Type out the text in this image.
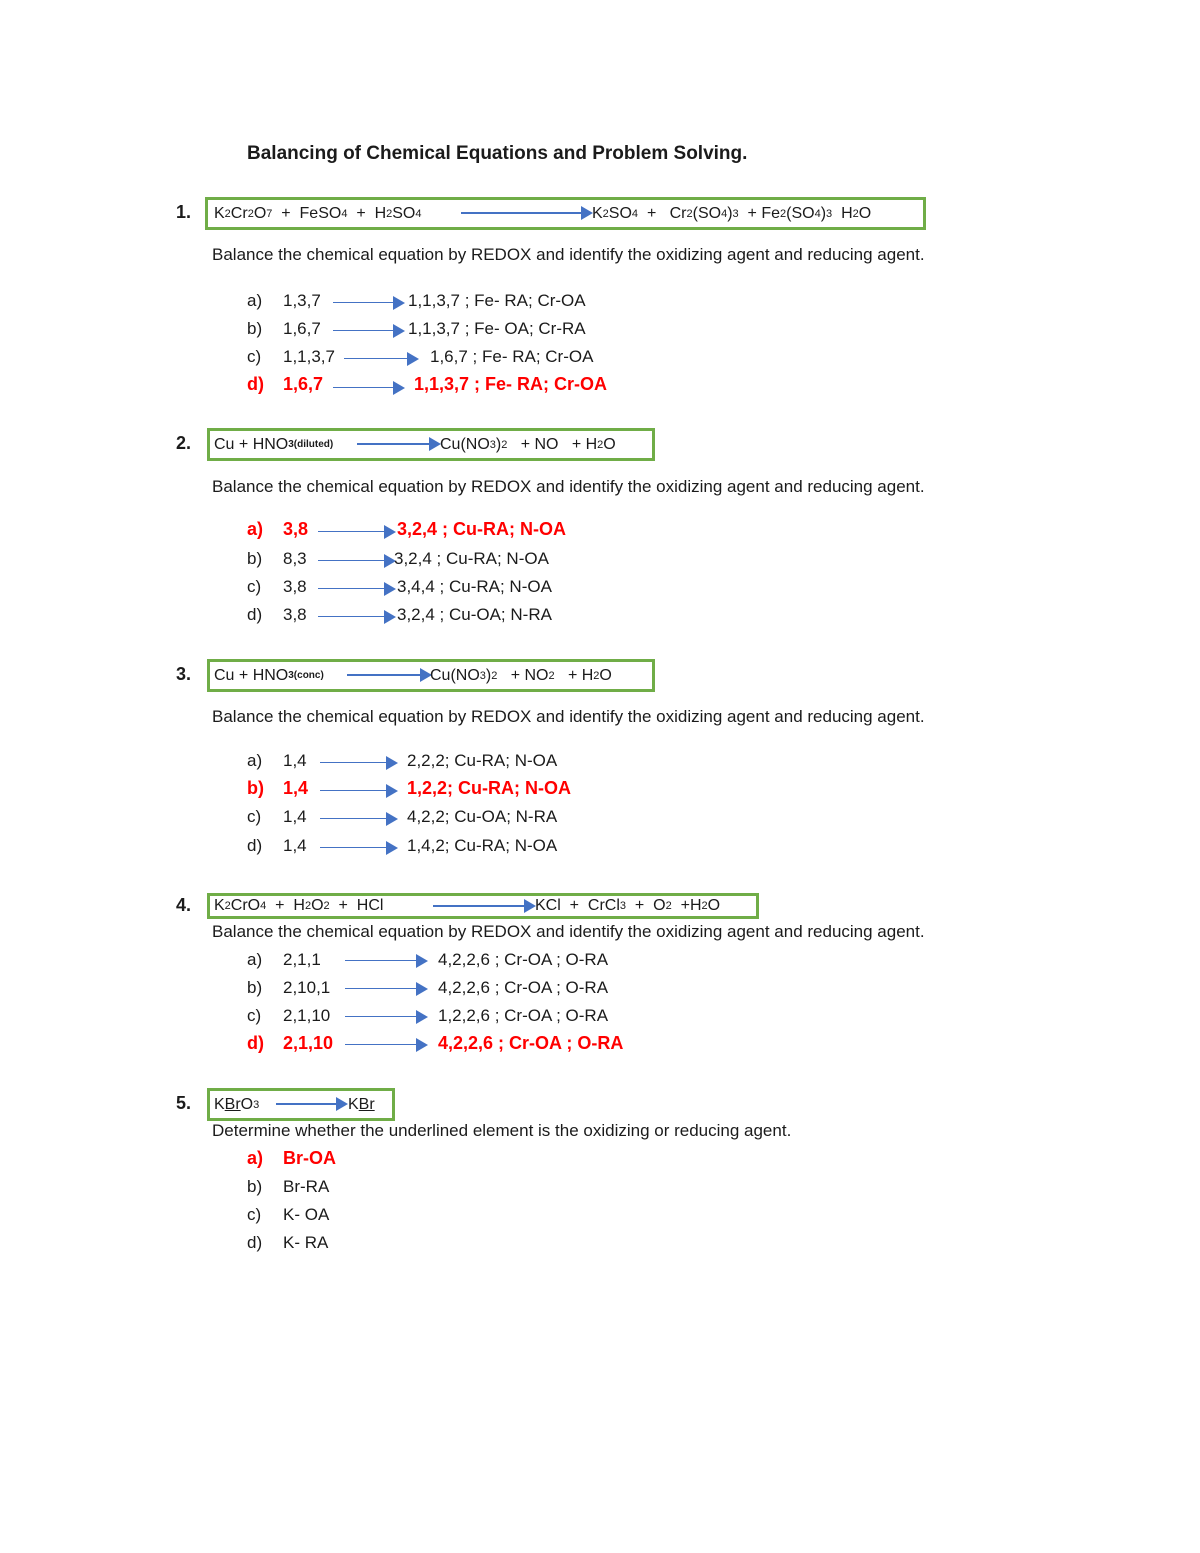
Balancing of Chemical Equations and Problem Solving.
1. K 2 Cr 2 O 7 +  FeSO 4 +  H 2 SO 4	K 2 SO 4 +   Cr 2 (SO 4 ) 3 + Fe 2 (SO 4 ) 3 H 2 O
Balance the chemical equation by REDOX and identify the oxidizing agent and reducing agent.
a) 1,3,7	1,1,3,7 ; Fe- RA; Cr-OA
b) 1,6,7	1,1,3,7 ; Fe- OA; Cr-RA
c) 1,1,3,7	1,6,7 ; Fe- RA; Cr-OA
d) 1,6,7	1,1,3,7 ; Fe- RA; Cr-OA
2. Cu + HNO 3(diluted)	Cu(NO 3 ) 2 + NO   + H 2 O
Balance the chemical equation by REDOX and identify the oxidizing agent and reducing agent.
a) 3,8	3,2,4 ; Cu-RA; N-OA
b) 8,3	3,2,4 ; Cu-RA; N-OA
c) 3,8	3,4,4 ; Cu-RA; N-OA
d) 3,8	3,2,4 ; Cu-OA; N-RA
3. Cu + HNO 3(conc)	Cu(NO 3 ) 2 + NO 2 + H 2 O
Balance the chemical equation by REDOX and identify the oxidizing agent and reducing agent.
a) 1,4	2,2,2; Cu-RA; N-OA
b) 1,4	1,2,2; Cu-RA; N-OA
c) 1,4	4,2,2; Cu-OA; N-RA
d) 1,4	1,4,2; Cu-RA; N-OA
4. K 2 CrO 4 +  H 2 O 2 +  HCl	KCl  +  CrCl 3 +  O 2 +H 2 O
Balance the chemical equation by REDOX and identify the oxidizing agent and reducing agent.
a) 2,1,1	4,2,2,6 ; Cr-OA ; O-RA
b) 2,10,1	4,2,2,6 ; Cr-OA ; O-RA
c) 2,1,10	1,2,2,6 ; Cr-OA ; O-RA
d) 2,1,10	4,2,2,6 ; Cr-OA ; O-RA
5. K Br O 3	K Br
Determine whether the underlined element is the oxidizing or reducing agent.
a) Br-OA
b) Br-RA
c) K- OA
d) K- RA
